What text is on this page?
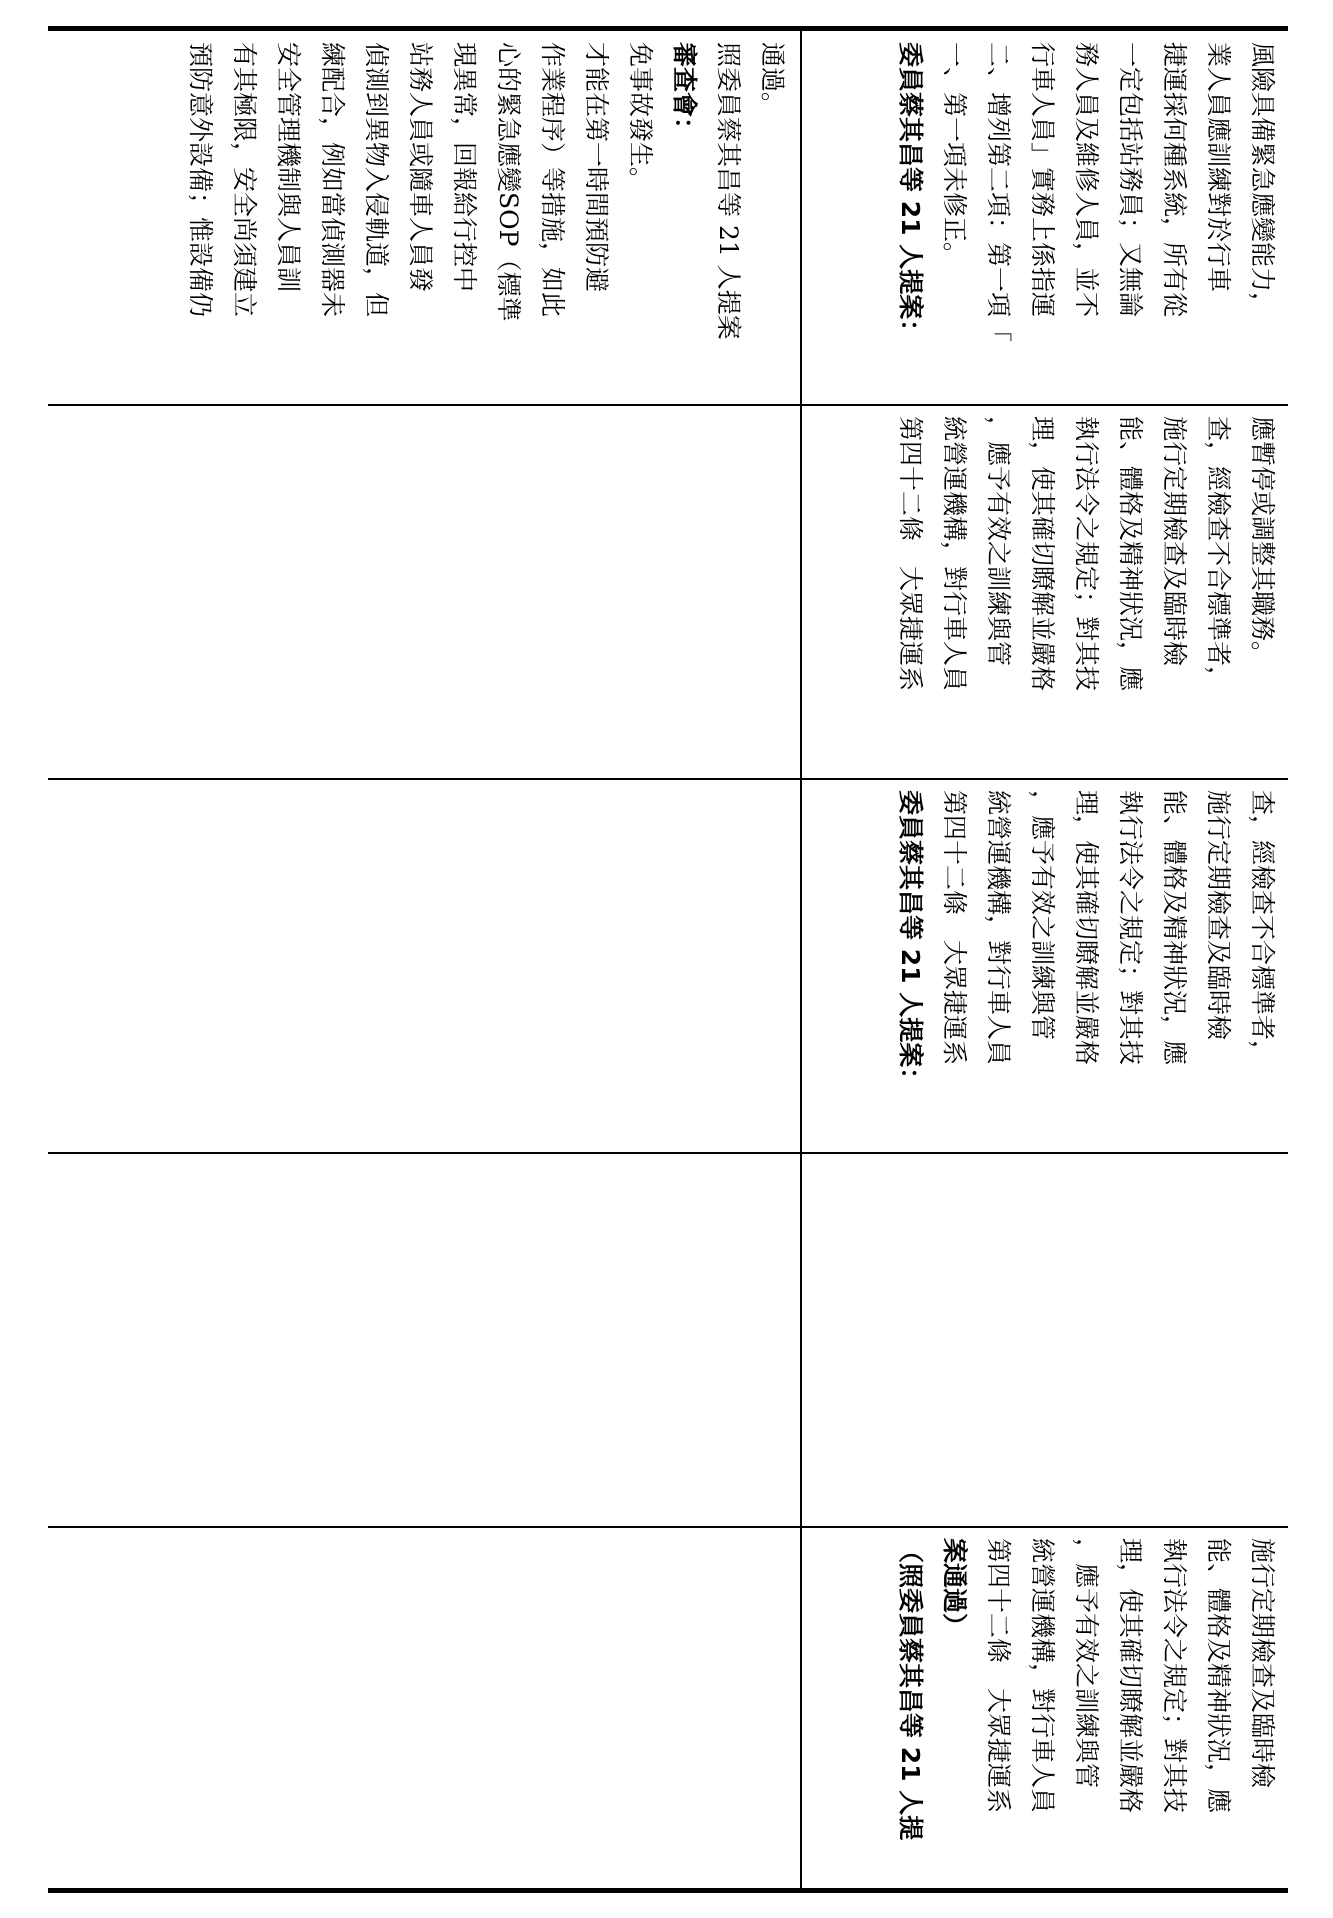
通過。

照委員蔡其昌等 21 人提案

審查會：

免事故發生。

才能在第一時間預防避

作業程序）等措施，如此

心的緊急應變SOP（標準

現異常，回報給行控中

站務人員或隨車人員發

偵測到異物入侵軌道，但

練配合，例如當偵測器未

安全管理機制與人員訓

有其極限，安全尚須建立

預防意外設備；惟設備仍	風險具備緊急應變能力，

業人員應訓練對於行車

捷運採何種系統，所有從

一定包括站務員；又無論

務人員及維修人員，並不

行車人員」實務上係指運

二、增列第二項：第一項「

一、第一項未修正。

委員蔡其昌等 21 人提案：

應暫停或調整其職務。

查，經檢查不合標準者，

施行定期檢查及臨時檢

能、體格及精神狀況，應

執行法令之規定；對其技

理，使其確切瞭解並嚴格

，應予有效之訓練與管

統營運機構，對行車人員

第四十二條　大眾捷運系

查，經檢查不合標準者，

施行定期檢查及臨時檢

能、體格及精神狀況，應

執行法令之規定；對其技

理，使其確切瞭解並嚴格

，應予有效之訓練與管

統營運機構，對行車人員

第四十二條　大眾捷運系

委員蔡其昌等 21 人提案：

施行定期檢查及臨時檢

能、體格及精神狀況，應

執行法令之規定；對其技

理，使其確切瞭解並嚴格

，應予有效之訓練與管

統營運機構，對行車人員

第四十二條　大眾捷運系

案通過）

（照委員蔡其昌等 21 人提
